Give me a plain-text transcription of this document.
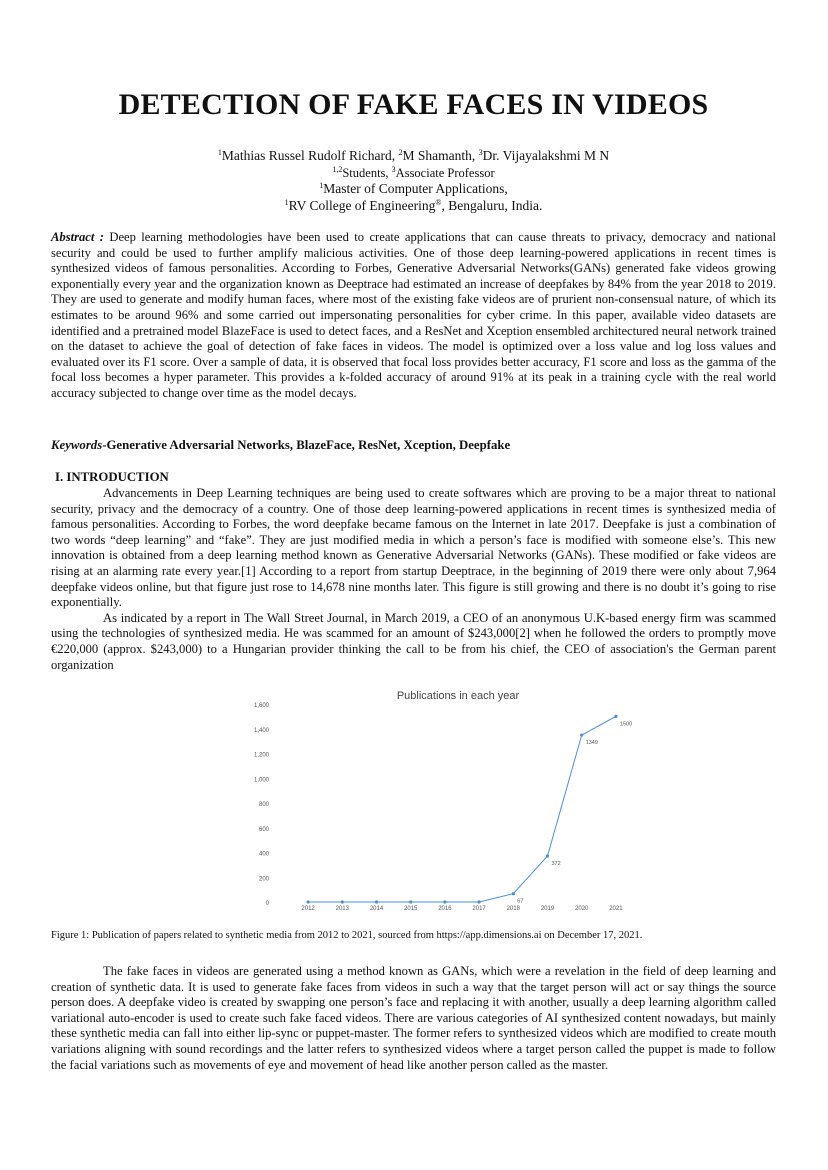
DETECTION OF FAKE FACES IN VIDEOS
$^1$Mathias Russel Rudolf Richard, $^2$M Shamanth, $^3$Dr. Vijayalakshmi M N
$^{1,2}$Students, $^3$Associate Professor
$^1$Master of Computer Applications,
$^1$RV College of Engineering®, Bengaluru, India.

Abstract : Deep learning methodologies have been used to create applications that can cause threats to privacy, democracy and national security and could be used to further amplify malicious activities. One of those deep learning-powered applications in recent times is synthesized videos of famous personalities. According to Forbes, Generative Adversarial Networks(GANs) generated fake videos growing exponentially every year and the organization known as Deeptrace had estimated an increase of deepfakes by 84% from the year 2018 to 2019. They are used to generate and modify human faces, where most of the existing fake videos are of prurient non-consensual nature, of which its estimates to be around 96% and some carried out impersonating personalities for cyber crime. In this paper, available video datasets are identified and a pretrained model BlazeFace is used to detect faces, and a ResNet and Xception ensembled architectured neural network trained on the dataset to achieve the goal of detection of fake faces in videos. The model is optimized over a loss value and log loss values and evaluated over its F1 score. Over a sample of data, it is observed that focal loss provides better accuracy, F1 score and loss as the gamma of the focal loss becomes a hyper parameter. This provides a k-folded accuracy of around 91% at its peak in a training cycle with the real world accuracy subjected to change over time as the model decays.

Keywords-Generative Adversarial Networks, BlazeFace, ResNet, Xception, Deepfake
I. INTRODUCTION

Advancements in Deep Learning techniques are being used to create softwares which are proving to be a major threat to national security, privacy and the democracy of a country. One of those deep learning-powered applications in recent times is synthesized media of famous personalities. According to Forbes, the word deepfake became famous on the Internet in late 2017. Deepfake is just a combination of two words “deep learning” and “fake”. They are just modified media in which a person’s face is modified with someone else’s. This new innovation is obtained from a deep learning method known as Generative Adversarial Networks (GANs). These modified or fake videos are rising at an alarming rate every year.[1] According to a report from startup Deeptrace, in the beginning of 2019 there were only about 7,964 deepfake videos online, but that figure just rose to 14,678 nine months later. This figure is still growing and there is no doubt it’s going to rise exponentially.

As indicated by a report in The Wall Street Journal, in March 2019, a CEO of an anonymous U.K-based energy firm was scammed using the technologies of synthesized media. He was scammed for an amount of $243,000[2] when he followed the orders to promptly move €220,000 (approx. $243,000) to a Hungarian provider thinking the call to be from his chief, the CEO of association's the German parent organization

Publications in each year
0
200
400
600
800
1,000
1,200
1,400
1,600
2012	2013	2014	2015	2016	2017	2018	2019	2020	2021
67
372
1349
1500
Figure 1: Publication of papers related to synthetic media from 2012 to 2021, sourced from https://app.dimensions.ai on December 17, 2021.

The fake faces in videos are generated using a method known as GANs, which were a revelation in the field of deep learning and creation of synthetic data. It is used to generate fake faces from videos in such a way that the target person will act or say things the source person does. A deepfake video is created by swapping one person’s face and replacing it with another, usually a deep learning algorithm called variational auto-encoder is used to create such fake faced videos. There are various categories of AI synthesized content nowadays, but mainly these synthetic media can fall into either lip-sync or puppet-master. The former refers to synthesized videos which are modified to create mouth variations aligning with sound recordings and the latter refers to synthesized videos where a target person called the puppet is made to follow the facial variations such as movements of eye and movement of head like another person called as the master.
